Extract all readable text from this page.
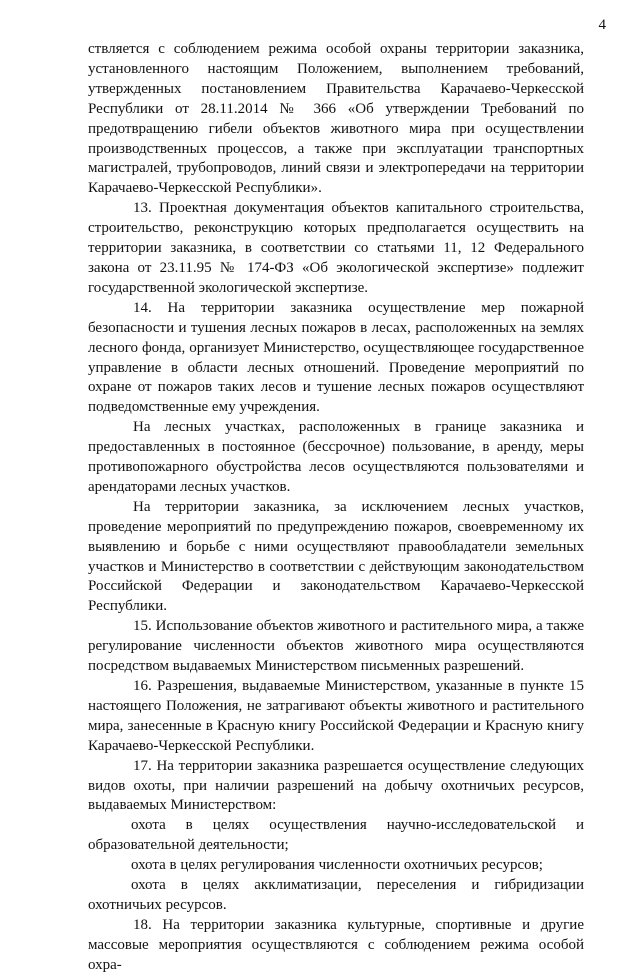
4

ствляется с соблюдением режима особой охраны территории заказника, установленного настоящим Положением, выполнением требований, утвержденных постановлением Правительства Карачаево-Черкесской Республики от 28.11.2014 № 366 «Об утверждении Требований по предотвращению гибели объектов животного мира при осуществлении производственных процессов, а также при эксплуатации транспортных магистралей, трубопроводов, линий связи и электропередачи на территории Карачаево-Черкесской Республики».

13. Проектная документация объектов капитального строительства, строительство, реконструкцию которых предполагается осуществить на территории заказника, в соответствии со статьями 11, 12 Федерального закона от 23.11.95 № 174-ФЗ «Об экологической экспертизе» подлежит государственной экологической экспертизе.

14. На территории заказника осуществление мер пожарной безопасности и тушения лесных пожаров в лесах, расположенных на землях лесного фонда, организует Министерство, осуществляющее государственное управление в области лесных отношений. Проведение мероприятий по охране от пожаров таких лесов и тушение лесных пожаров осуществляют подведомственные ему учреждения.

На лесных участках, расположенных в границе заказника и предоставленных в постоянное (бессрочное) пользование, в аренду, меры противопожарного обустройства лесов осуществляются пользователями и арендаторами лесных участков.

На территории заказника, за исключением лесных участков, проведение мероприятий по предупреждению пожаров, своевременному их выявлению и борьбе с ними осуществляют правообладатели земельных участков и Министерство в соответствии с действующим законодательством Российской Федерации и законодательством Карачаево-Черкесской Республики.

15. Использование объектов животного и растительного мира, а также регулирование численности объектов животного мира осуществляются посредством выдаваемых Министерством письменных разрешений.

16. Разрешения, выдаваемые Министерством, указанные в пункте 15 настоящего Положения, не затрагивают объекты животного и растительного мира, занесенные в Красную книгу Российской Федерации и Красную книгу Карачаево-Черкесской Республики.

17. На территории заказника разрешается осуществление следующих видов охоты, при наличии разрешений на добычу охотничьих ресурсов, выдаваемых Министерством:

охота в целях осуществления научно-исследовательской и образовательной деятельности;

охота в целях регулирования численности охотничьих ресурсов;

охота в целях акклиматизации, переселения и гибридизации охотничьих ресурсов.

18. На территории заказника культурные, спортивные и другие массовые мероприятия осуществляются с соблюдением режима особой охра-
